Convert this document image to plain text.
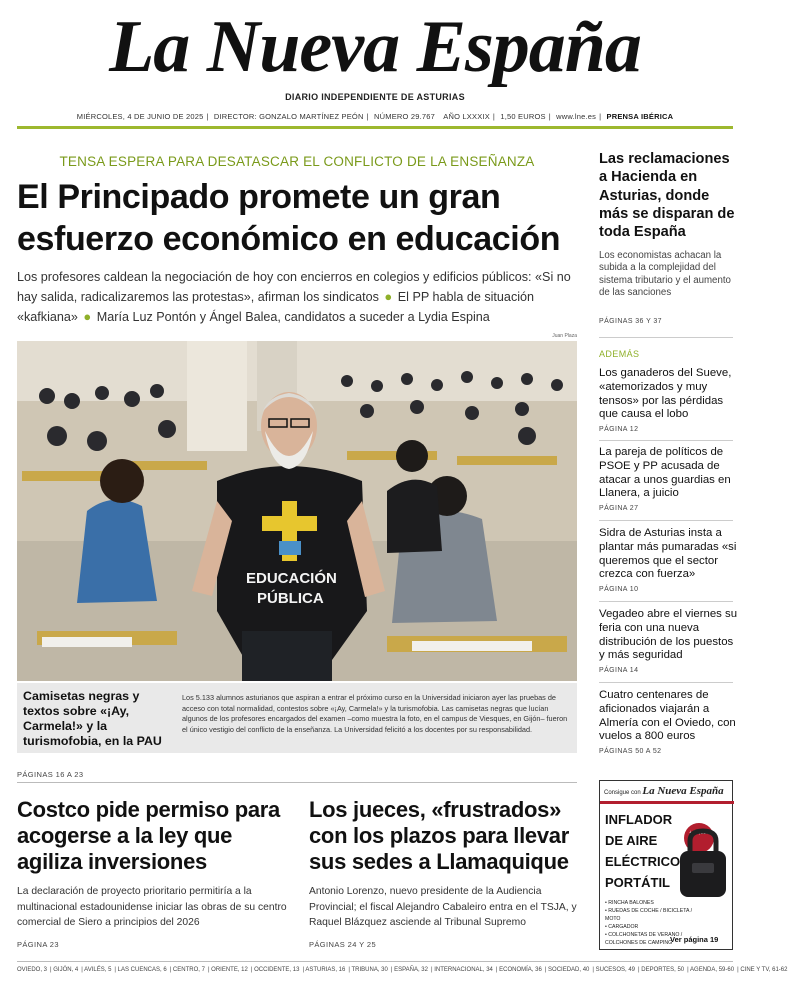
La Nueva España
DIARIO INDEPENDIENTE DE ASTURIAS
MIÉRCOLES, 4 DE JUNIO DE 2025 | DIRECTOR: GONZALO MARTÍNEZ PEÓN | NÚMERO 29.767 AÑO LXXXIX | 1,50 EUROS | www.lne.es | PRENSA IBÉRICA
TENSA ESPERA PARA DESATASCAR EL CONFLICTO DE LA ENSEÑANZA
El Principado promete un gran esfuerzo económico en educación
Los profesores caldean la negociación de hoy con encierros en colegios y edificios públicos: «Si no hay salida, radicalizaremos las protestas», afirman los sindicatos ● El PP habla de situación «kafkiana» ● María Luz Pontón y Ángel Balea, candidatos a suceder a Lydia Espina
Juan Plaza
EDUCACIÓN
PÚBLICA
Camisetas negras y textos sobre «¡Ay, Carmela!» y la turismofobia, en la PAU
Los 5.133 alumnos asturianos que aspiran a entrar el próximo curso en la Universidad iniciaron ayer las pruebas de acceso con total normalidad, contestos sobre «¡Ay, Carmela!» y la turismofobia. Las camisetas negras que lucían algunos de los profesores encargados del examen –como muestra la foto, en el campus de Viesques, en Gijón– fueron el único vestigio del conflicto de la enseñanza. La Universidad felicitó a los docentes por su responsabilidad.
PÁGINAS 16 A 23
Costco pide permiso para acogerse a la ley que agiliza inversiones
La declaración de proyecto prioritario permitiría a la multinacional estadounidense iniciar las obras de su centro comercial de Siero a principios del 2026
PÁGINA 23
Los jueces, «frustrados» con los plazos para llevar sus sedes a Llamaquique
Antonio Lorenzo, nuevo presidente de la Audiencia Provincial; el fiscal Alejandro Cabaleiro entra en el TSJA, y Raquel Blázquez asciende al Tribunal Supremo
PÁGINAS 24 Y 25
Las reclamaciones a Hacienda en Asturias, donde más se disparan de toda España
Los economistas achacan la subida a la complejidad del sistema tributario y el aumento de las sanciones
PÁGINAS 36 Y 37
ADEMÁS
Los ganaderos del Sueve, «atemorizados y muy tensos» por las pérdidas que causa el lobo
PÁGINA 12
La pareja de políticos de PSOE y PP acusada de atacar a unos guardias en Llanera, a juicio
PÁGINA 27
Sidra de Asturias insta a plantar más pumaradas «si queremos que el sector crezca con fuerza»
PÁGINA 10
Vegadeo abre el viernes su feria con una nueva distribución de los puestos y más seguridad
PÁGINA 14
Cuatro centenares de aficionados viajarán a Almería con el Oviedo, con vuelos a 800 euros
PÁGINAS 50 A 52
Consigue con La Nueva España
INFLADOR
DE AIRE
ELÉCTRICO
PORTÁTIL
+ 24,95€
• RINCHA BALONES
• RUEDAS DE COCHE / BICICLETA / MOTO
• CARGADOR
• COLCHONETAS DE VERANO / COLCHONES DE CAMPING
Ver página 19
OVIEDO, 3 | GIJÓN, 4 | AVILÉS, 5 | LAS CUENCAS, 6 | CENTRO, 7 | ORIENTE, 12 | OCCIDENTE, 13 | ASTURIAS, 16 | TRIBUNA, 30 | ESPAÑA, 32 | INTERNACIONAL, 34 | ECONOMÍA, 36 | SOCIEDAD, 40 | SUCESOS, 49 | DEPORTES, 50 | AGENDA, 59-60 | CINE Y TV, 61-62
